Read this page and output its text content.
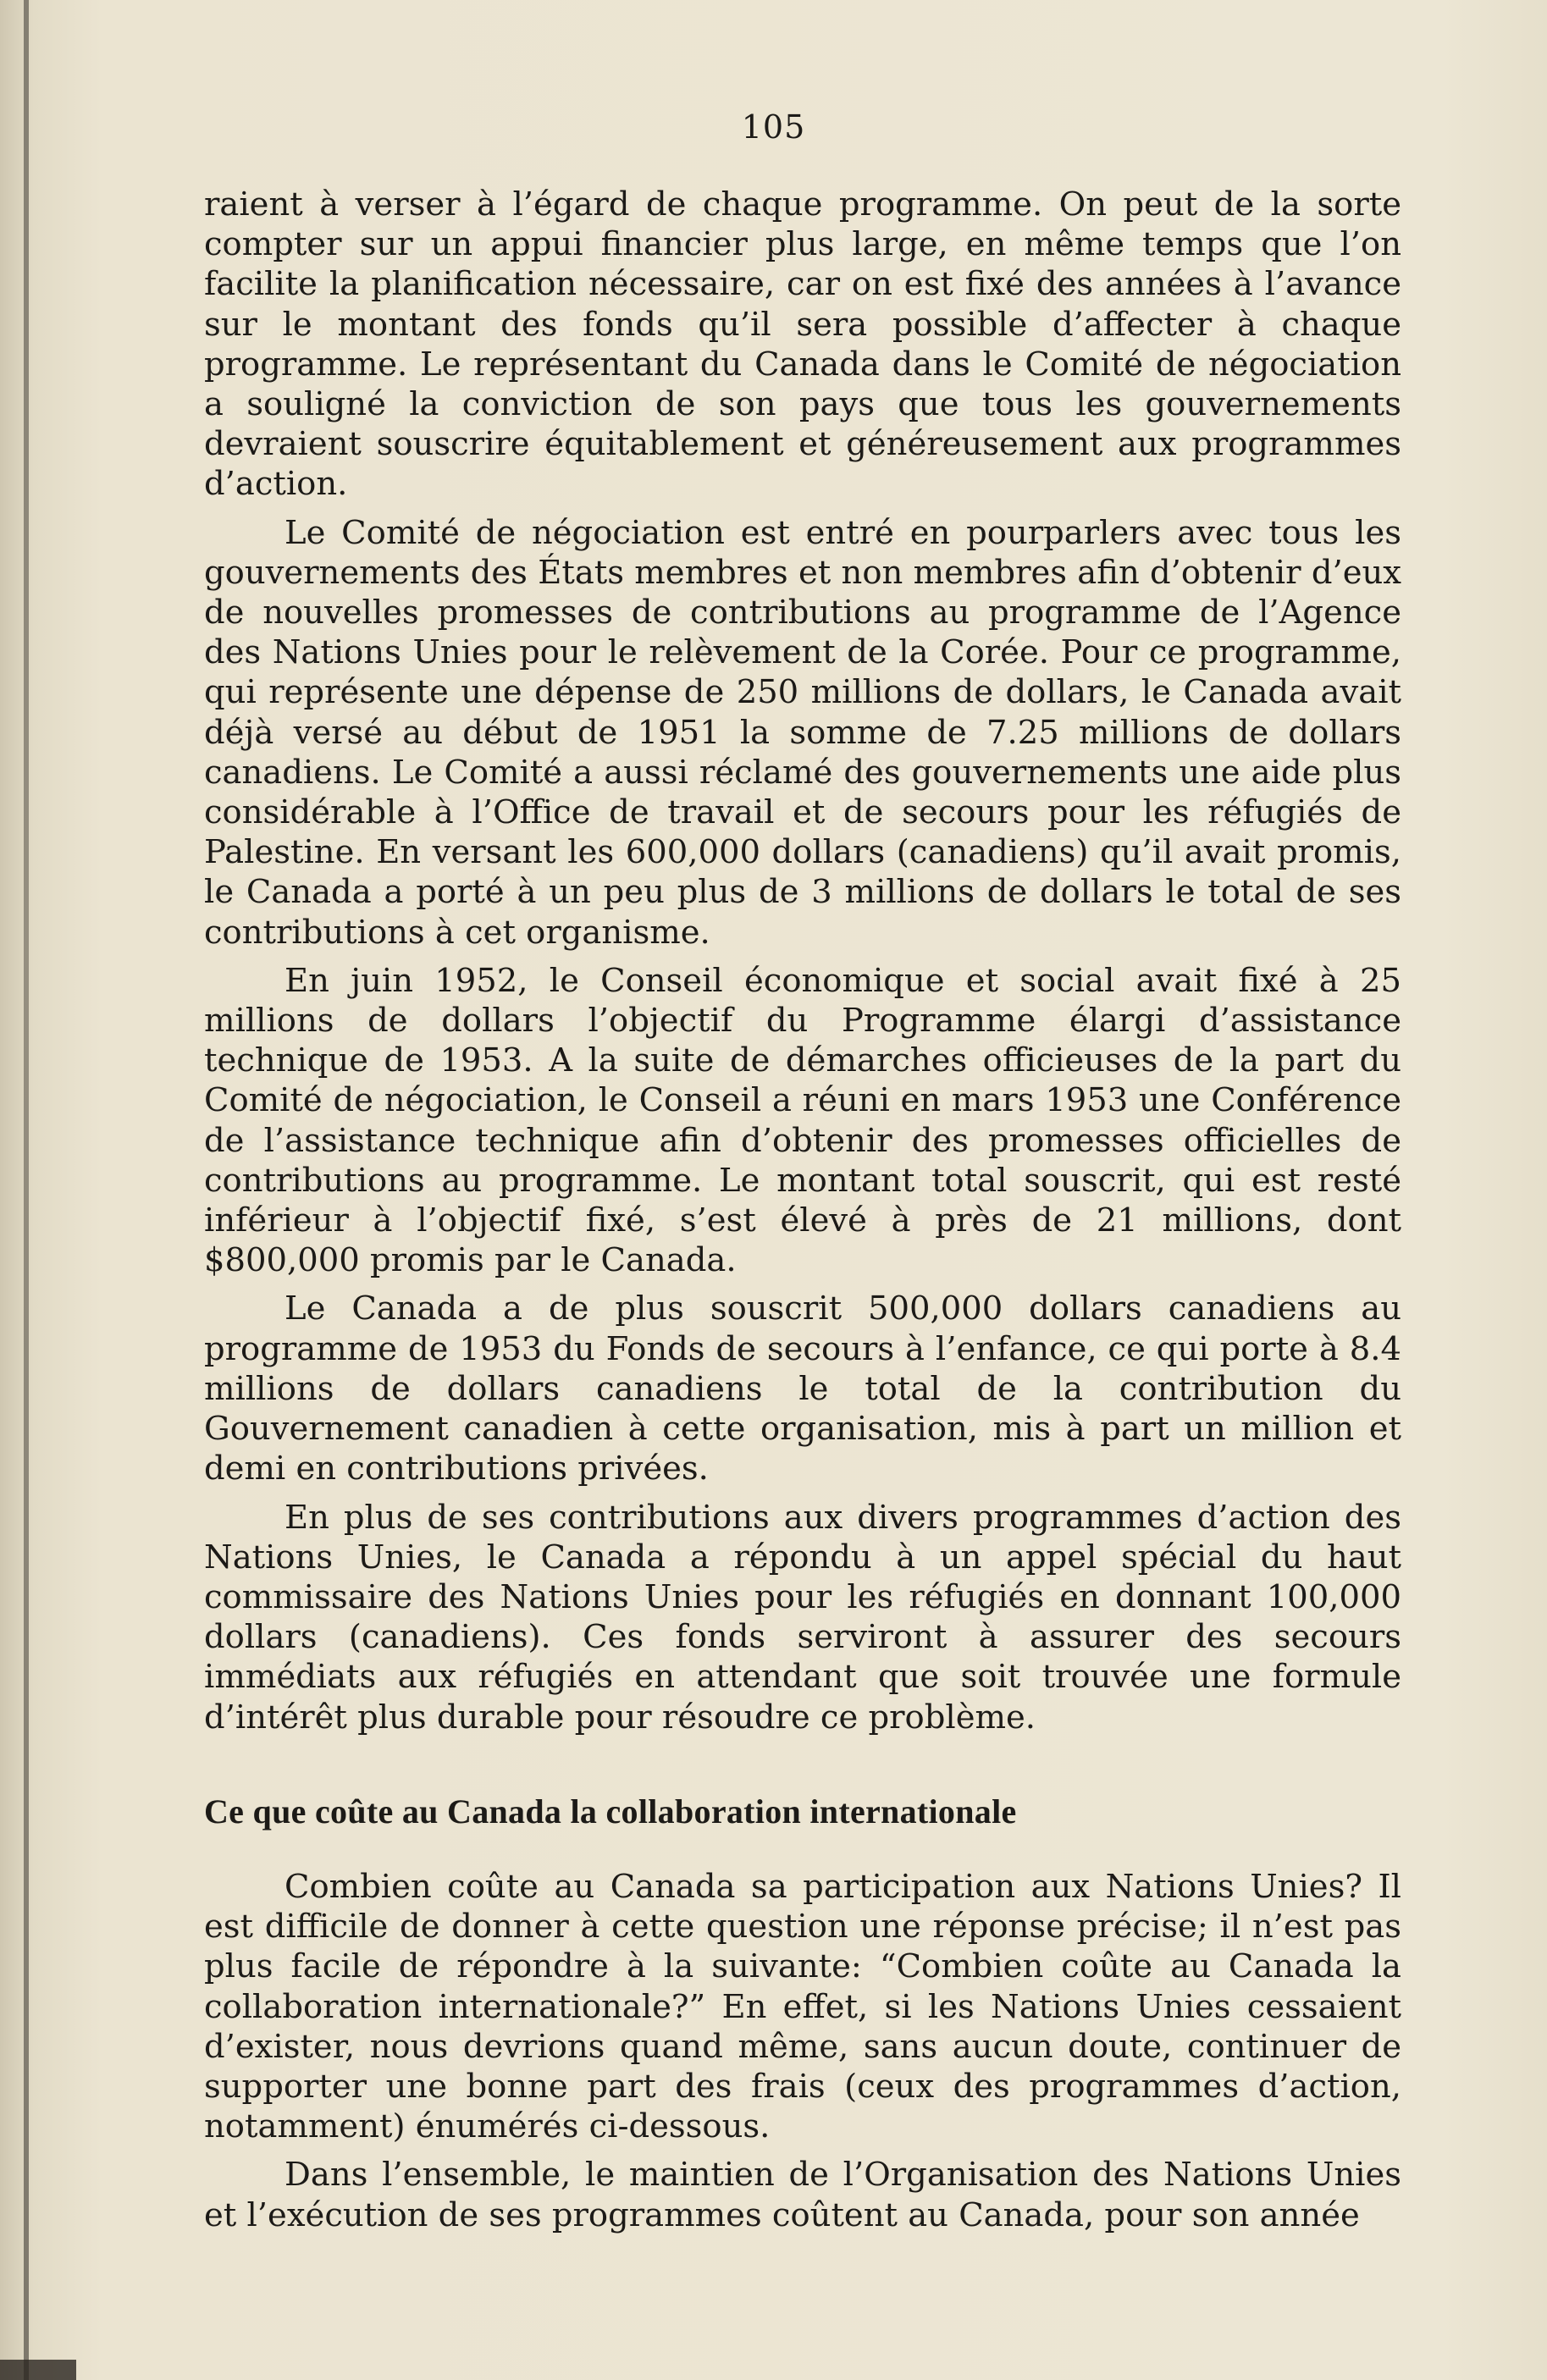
105

raient à verser à l’égard de chaque programme. On peut de la sorte compter sur un appui financier plus large, en même temps que l’on facilite la planification nécessaire, car on est fixé des années à l’avance sur le montant des fonds qu’il sera possible d’affecter à chaque programme. Le représentant du Canada dans le Comité de négociation a souligné la conviction de son pays que tous les gouvernements devraient souscrire équitablement et généreusement aux programmes d’action.

Le Comité de négociation est entré en pourparlers avec tous les gouvernements des États membres et non membres afin d’obtenir d’eux de nouvelles promesses de contributions au programme de l’Agence des Nations Unies pour le relèvement de la Corée. Pour ce programme, qui représente une dépense de 250 millions de dollars, le Canada avait déjà versé au début de 1951 la somme de 7.25 millions de dollars canadiens. Le Comité a aussi réclamé des gouvernements une aide plus considérable à l’Office de travail et de secours pour les réfugiés de Palestine. En versant les 600,000 dollars (canadiens) qu’il avait promis, le Canada a porté à un peu plus de 3 millions de dollars le total de ses contributions à cet organisme.

En juin 1952, le Conseil économique et social avait fixé à 25 millions de dollars l’objectif du Programme élargi d’assistance technique de 1953. A la suite de démarches officieuses de la part du Comité de négociation, le Conseil a réuni en mars 1953 une Conférence de l’assistance technique afin d’obtenir des promesses officielles de contributions au programme. Le montant total souscrit, qui est resté inférieur à l’objectif fixé, s’est élevé à près de 21 millions, dont $800,000 promis par le Canada.

Le Canada a de plus souscrit 500,000 dollars canadiens au programme de 1953 du Fonds de secours à l’enfance, ce qui porte à 8.4 millions de dollars canadiens le total de la contribution du Gouvernement canadien à cette organisation, mis à part un million et demi en contributions privées.

En plus de ses contributions aux divers programmes d’action des Nations Unies, le Canada a répondu à un appel spécial du haut commissaire des Nations Unies pour les réfugiés en donnant 100,000 dollars (canadiens). Ces fonds serviront à assurer des secours immédiats aux réfugiés en attendant que soit trouvée une formule d’intérêt plus durable pour résoudre ce problème.

Ce que coûte au Canada la collaboration internationale

Combien coûte au Canada sa participation aux Nations Unies? Il est difficile de donner à cette question une réponse précise; il n’est pas plus facile de répondre à la suivante: “Combien coûte au Canada la collaboration internationale?” En effet, si les Nations Unies cessaient d’exister, nous devrions quand même, sans aucun doute, continuer de supporter une bonne part des frais (ceux des programmes d’action, notamment) énumérés ci-dessous.

Dans l’ensemble, le maintien de l’Organisation des Nations Unies et l’exécution de ses programmes coûtent au Canada, pour son année
